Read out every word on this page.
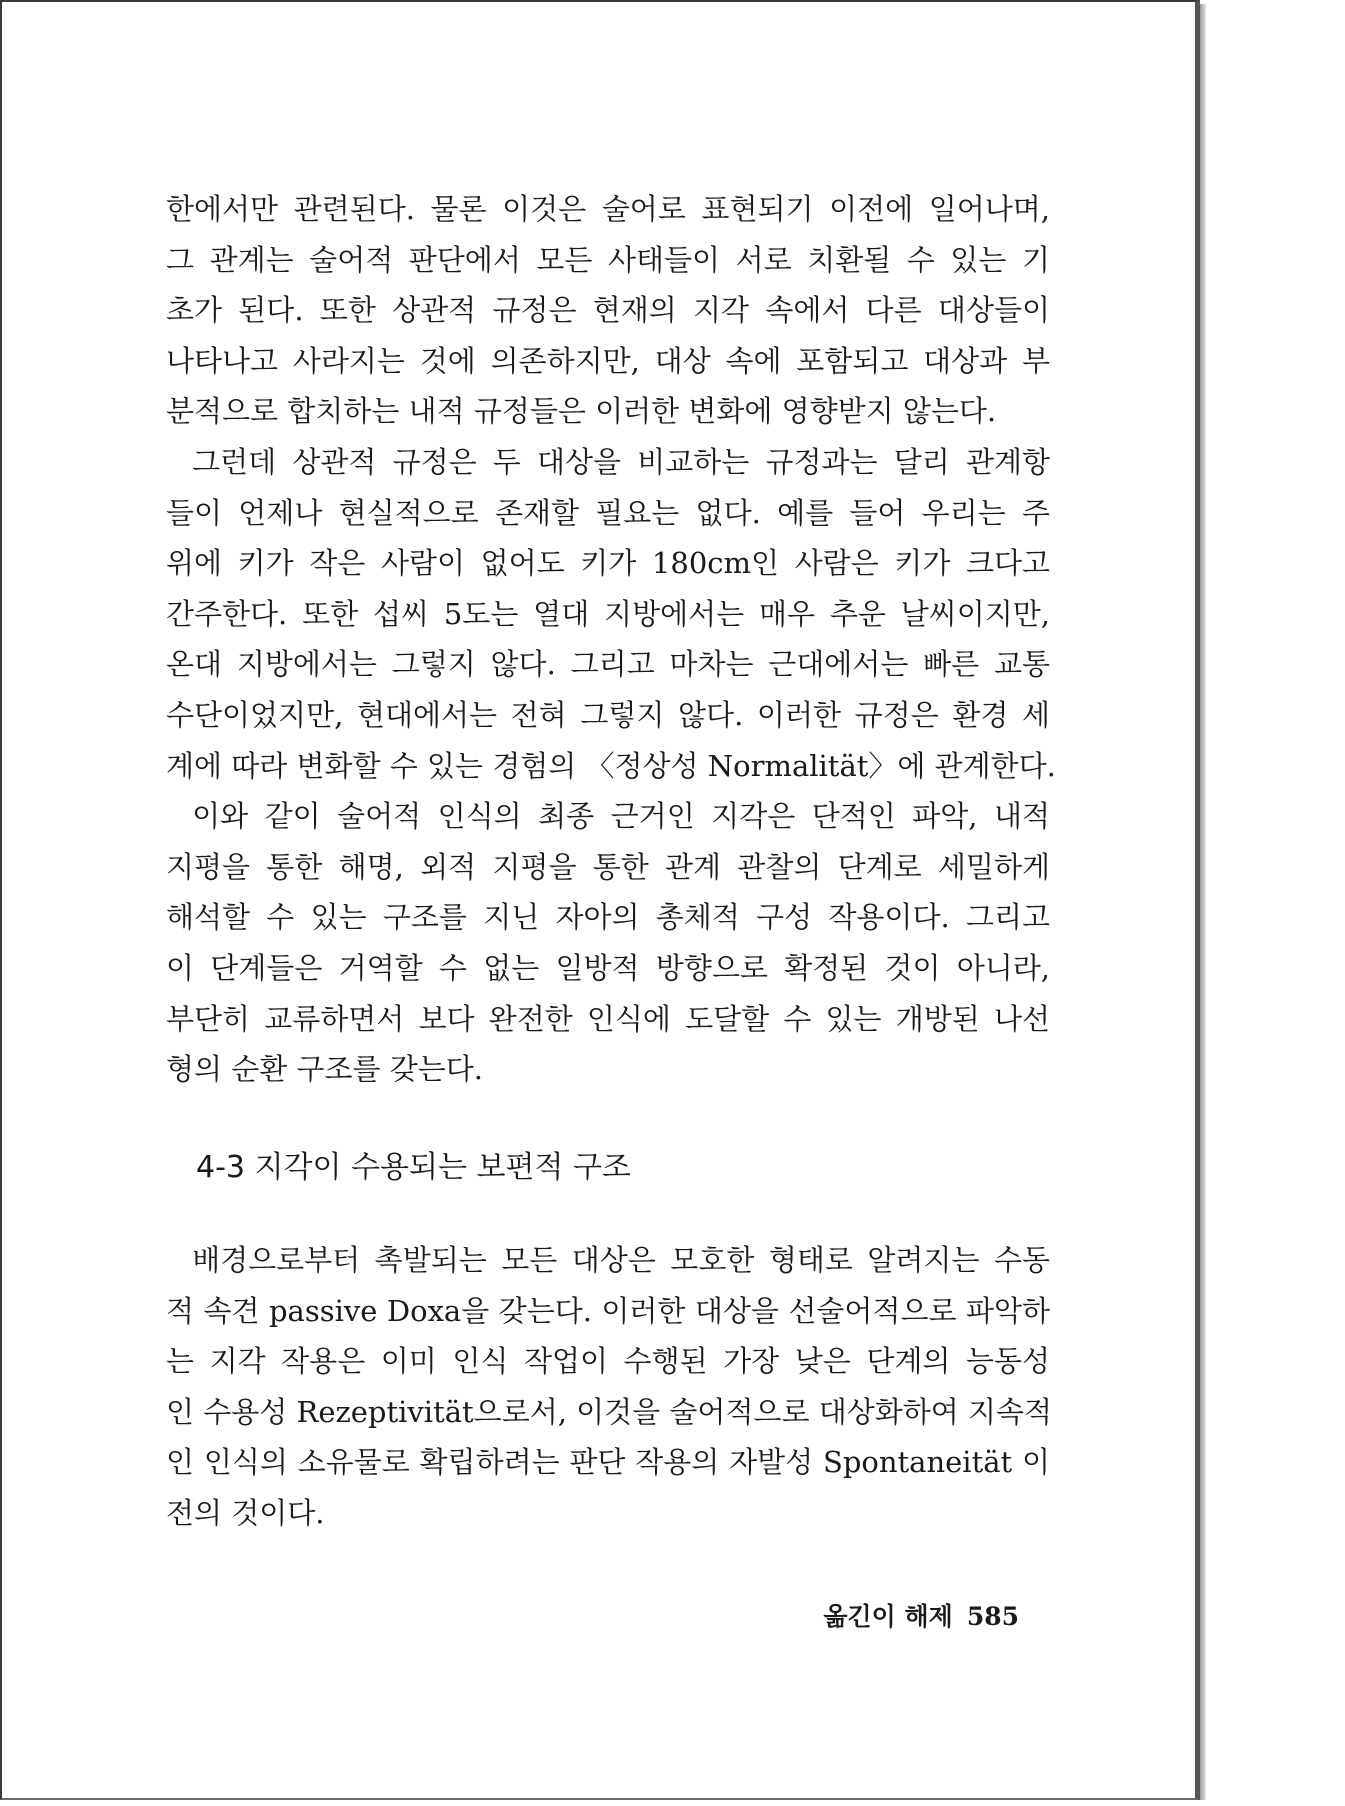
한에서만 관련된다. 물론 이것은 술어로 표현되기 이전에 일어나며,
그 관계는 술어적 판단에서 모든 사태들이 서로 치환될 수 있는 기
초가 된다. 또한 상관적 규정은 현재의 지각 속에서 다른 대상들이
나타나고 사라지는 것에 의존하지만, 대상 속에 포함되고 대상과 부
분적으로 합치하는 내적 규정들은 이러한 변화에 영향받지 않는다.
그런데 상관적 규정은 두 대상을 비교하는 규정과는 달리 관계항
들이 언제나 현실적으로 존재할 필요는 없다. 예를 들어 우리는 주
위에 키가 작은 사람이 없어도 키가 180cm인 사람은 키가 크다고
간주한다. 또한 섭씨 5도는 열대 지방에서는 매우 추운 날씨이지만,
온대 지방에서는 그렇지 않다. 그리고 마차는 근대에서는 빠른 교통
수단이었지만, 현대에서는 전혀 그렇지 않다. 이러한 규정은 환경 세
계에 따라 변화할 수 있는 경험의 〈정상성 Normalität〉에 관계한다.
이와 같이 술어적 인식의 최종 근거인 지각은 단적인 파악, 내적
지평을 통한 해명, 외적 지평을 통한 관계 관찰의 단계로 세밀하게
해석할 수 있는 구조를 지닌 자아의 총체적 구성 작용이다. 그리고
이 단계들은 거역할 수 없는 일방적 방향으로 확정된 것이 아니라,
부단히 교류하면서 보다 완전한 인식에 도달할 수 있는 개방된 나선
형의 순환 구조를 갖는다.
4-3 지각이 수용되는 보편적 구조
배경으로부터 촉발되는 모든 대상은 모호한 형태로 알려지는 수동
적 속견 passive Doxa을 갖는다. 이러한 대상을 선술어적으로 파악하
는 지각 작용은 이미 인식 작업이 수행된 가장 낮은 단계의 능동성
인 수용성 Rezeptivität으로서, 이것을 술어적으로 대상화하여 지속적
인 인식의 소유물로 확립하려는 판단 작용의 자발성 Spontaneität 이
전의 것이다.
옮긴이 해제 585
